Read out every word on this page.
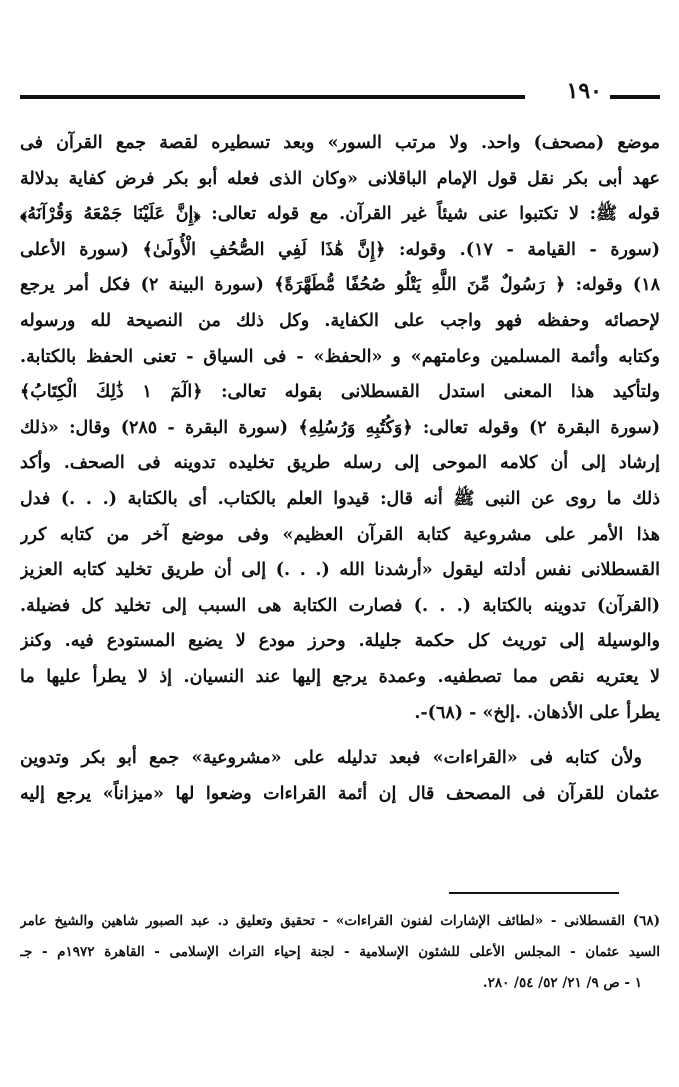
١٩٠
موضع (مصحف) واحد. ولا مرتب السور» وبعد تسطيره لقصة جمع القرآن فى
عهد أبى بكر نقل قول الإمام الباقلانى «وكان الذى فعله أبو بكر فرض كفاية بدلالة
قوله ﷺ: لا تكتبوا عنى شيئاً غير القرآن. مع قوله تعالى: ﴿إِنَّ عَلَيْنَا جَمْعَهُ وَقُرْآنَهُ﴾
(سورة - القيامة - ١٧). وقوله: ﴿إِنَّ هَٰذَا لَفِي الصُّحُفِ الْأُولَىٰ﴾ (سورة الأعلى
١٨) وقوله: ﴿ رَسُولٌ مِّنَ اللَّهِ يَتْلُو صُحُفًا مُّطَهَّرَةً﴾ (سورة البينة ٢) فكل أمر يرجع
لإحصائه وحفظه فهو واجب على الكفاية. وكل ذلك من النصيحة لله ورسوله
وكتابه وأئمة المسلمين وعامتهم» و «الحفظ» - فى السياق - تعنى الحفظ بالكتابة.
ولتأكيد هذا المعنى استدل القسطلانى بقوله تعالى: ﴿الٓمٓ ١ ذَٰلِكَ الْكِتَابُ﴾
(سورة البقرة ٢) وقوله تعالى: ﴿وَكُتُبِهِ وَرُسُلِهِ﴾ (سورة البقرة - ٢٨٥) وقال: «ذلك
إرشاد إلى أن كلامه الموحى إلى رسله طريق تخليده تدوينه فى الصحف. وأكد
ذلك ما روى عن النبى ﷺ أنه قال: قيدوا العلم بالكتاب. أى بالكتابة (. . .) فدل
هذا الأمر على مشروعية كتابة القرآن العظيم» وفى موضع آخر من كتابه كرر
القسطلانى نفس أدلته ليقول «أرشدنا الله (. . .) إلى أن طريق تخليد كتابه العزيز
(القرآن) تدوينه بالكتابة (. . .) فصارت الكتابة هى السبب إلى تخليد كل فضيلة.
والوسيلة إلى توريث كل حكمة جليلة. وحرز مودع لا يضيع المستودع فيه. وكنز
لا يعتريه نقص مما تصطفيه. وعمدة يرجع إليها عند النسيان. إذ لا يطرأ عليها ما
يطرأ على الأذهان. .إلخ» - (٦٨)-.
ولأن كتابه فى «القراءات» فبعد تدليله على «مشروعية» جمع أبو بكر وتدوين
عثمان للقرآن فى المصحف قال إن أئمة القراءات وضعوا لها «ميزاناً» يرجع إليه
(٦٨) القسطلانى - «لطائف الإشارات لفنون القراءات» - تحقيق وتعليق د. عبد الصبور شاهين والشيخ عامر
السيد عثمان - المجلس الأعلى للشئون الإسلامية - لجنة إحياء التراث الإسلامى - القاهرة ١٩٧٢م - جـ
١ - ص ٩/ ٢١/ ٥٢/ ٥٤/ ٢٨٠.
